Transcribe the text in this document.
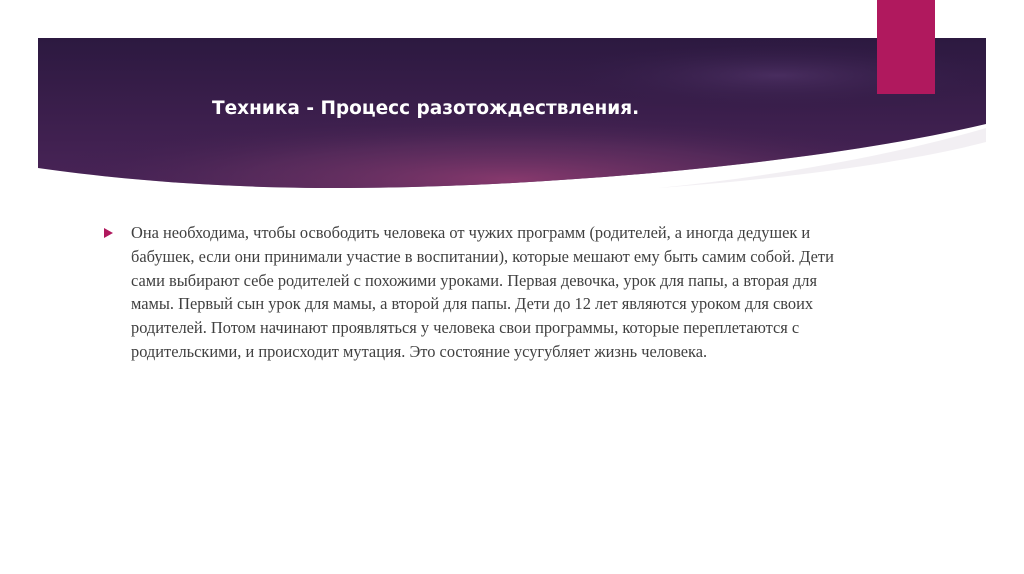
Техника - Процесс разотождествления.
Она необходима, чтобы освободить человека от чужих программ (родителей, а иногда дедушек и бабушек, если они принимали участие в воспитании), которые мешают ему быть самим собой. Дети сами выбирают себе родителей с похожими уроками. Первая девочка, урок для папы, а вторая для мамы. Первый сын урок для мамы, а второй для папы. Дети до 12 лет являются уроком для своих родителей. Потом начинают проявляться у человека свои программы, которые переплетаются с родительскими, и происходит мутация. Это состояние усугубляет жизнь человека.
